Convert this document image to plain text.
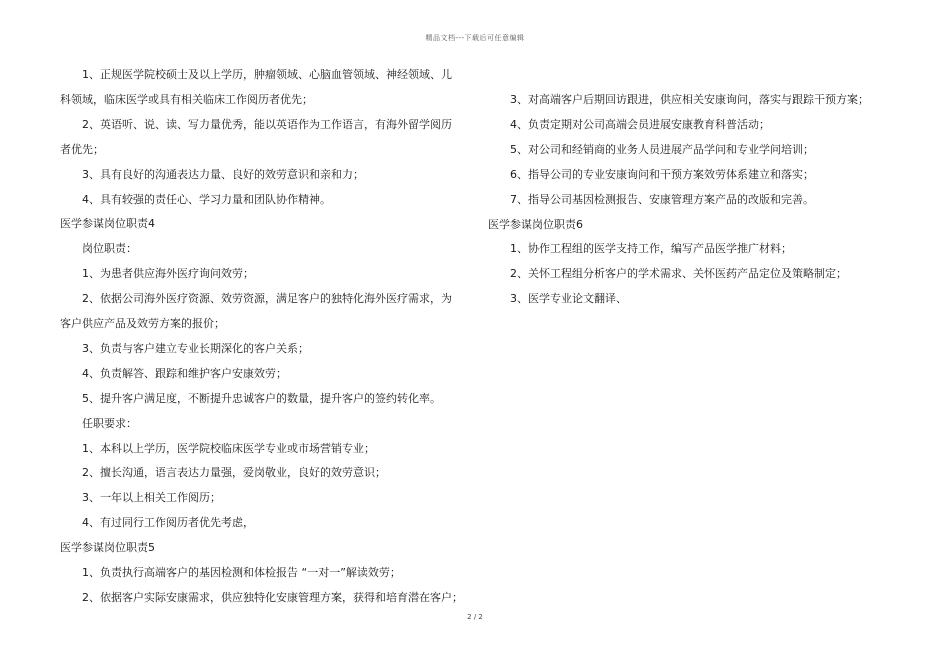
精品文档---下载后可任意编辑
1、正规医学院校硕士及以上学历，肿瘤领域、心脑血管领域、神经领域、儿
科领域，临床医学或具有相关临床工作阅历者优先；
2、英语听、说、读、写力量优秀，能以英语作为工作语言，有海外留学阅历
者优先；
3、具有良好的沟通表达力量、良好的效劳意识和亲和力；
4、具有较强的责任心、学习力量和团队协作精神。
医学参谋岗位职责4
岗位职责：
1、为患者供应海外医疗询问效劳；
2、依据公司海外医疗资源、效劳资源，满足客户的独特化海外医疗需求，为
客户供应产品及效劳方案的报价；
3、负责与客户建立专业长期深化的客户关系；
4、负责解答、跟踪和维护客户安康效劳；
5、提升客户满足度，不断提升忠诚客户的数量，提升客户的签约转化率。
任职要求：
1、本科以上学历，医学院校临床医学专业或市场营销专业；
2、擅长沟通，语言表达力量强，爱岗敬业，良好的效劳意识；
3、一年以上相关工作阅历；
4、有过同行工作阅历者优先考虑，
医学参谋岗位职责5
1、负责执行高端客户的基因检测和体检报告 “一对一”解读效劳；
2、依据客户实际安康需求，供应独特化安康管理方案，获得和培育潜在客户；
3、对高端客户后期回访跟进，供应相关安康询问，落实与跟踪干预方案；
4、负责定期对公司高端会员进展安康教育科普活动；
5、对公司和经销商的业务人员进展产品学问和专业学问培训；
6、指导公司的专业安康询问和干预方案效劳体系建立和落实；
7、指导公司基因检测报告、安康管理方案产品的改版和完善。
医学参谋岗位职责6
1、协作工程组的医学支持工作，编写产品医学推广材料；
2、关怀工程组分析客户的学术需求、关怀医药产品定位及策略制定；
3、医学专业论文翻译、
2 / 2
